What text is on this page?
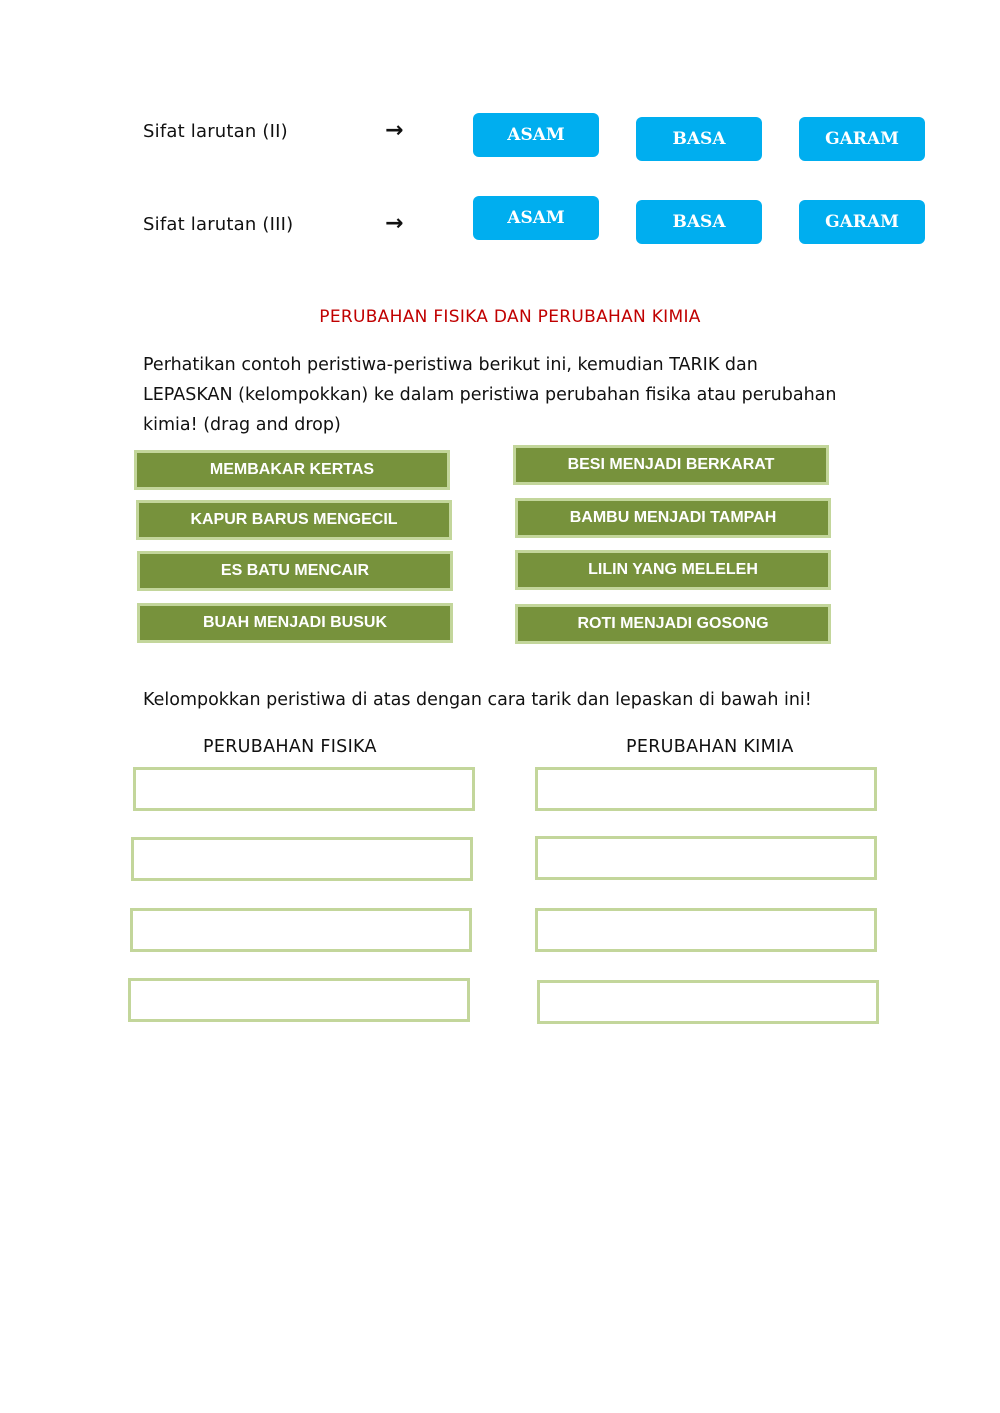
Sifat larutan (II)	→	ASAM	BASA	GARAM
Sifat larutan (III)	→	ASAM	BASA	GARAM
PERUBAHAN FISIKA DAN PERUBAHAN KIMIA
Perhatikan contoh peristiwa-peristiwa berikut ini, kemudian TARIK dan
LEPASKAN (kelompokkan) ke dalam peristiwa perubahan fisika atau perubahan
kimia! (drag and drop)
MEMBAKAR KERTAS
KAPUR BARUS MENGECIL
ES BATU MENCAIR
BUAH MENJADI BUSUK
BESI MENJADI BERKARAT
BAMBU MENJADI TAMPAH
LILIN YANG MELELEH
ROTI MENJADI GOSONG
Kelompokkan peristiwa di atas dengan cara tarik dan lepaskan di bawah ini!
PERUBAHAN FISIKA	PERUBAHAN KIMIA
